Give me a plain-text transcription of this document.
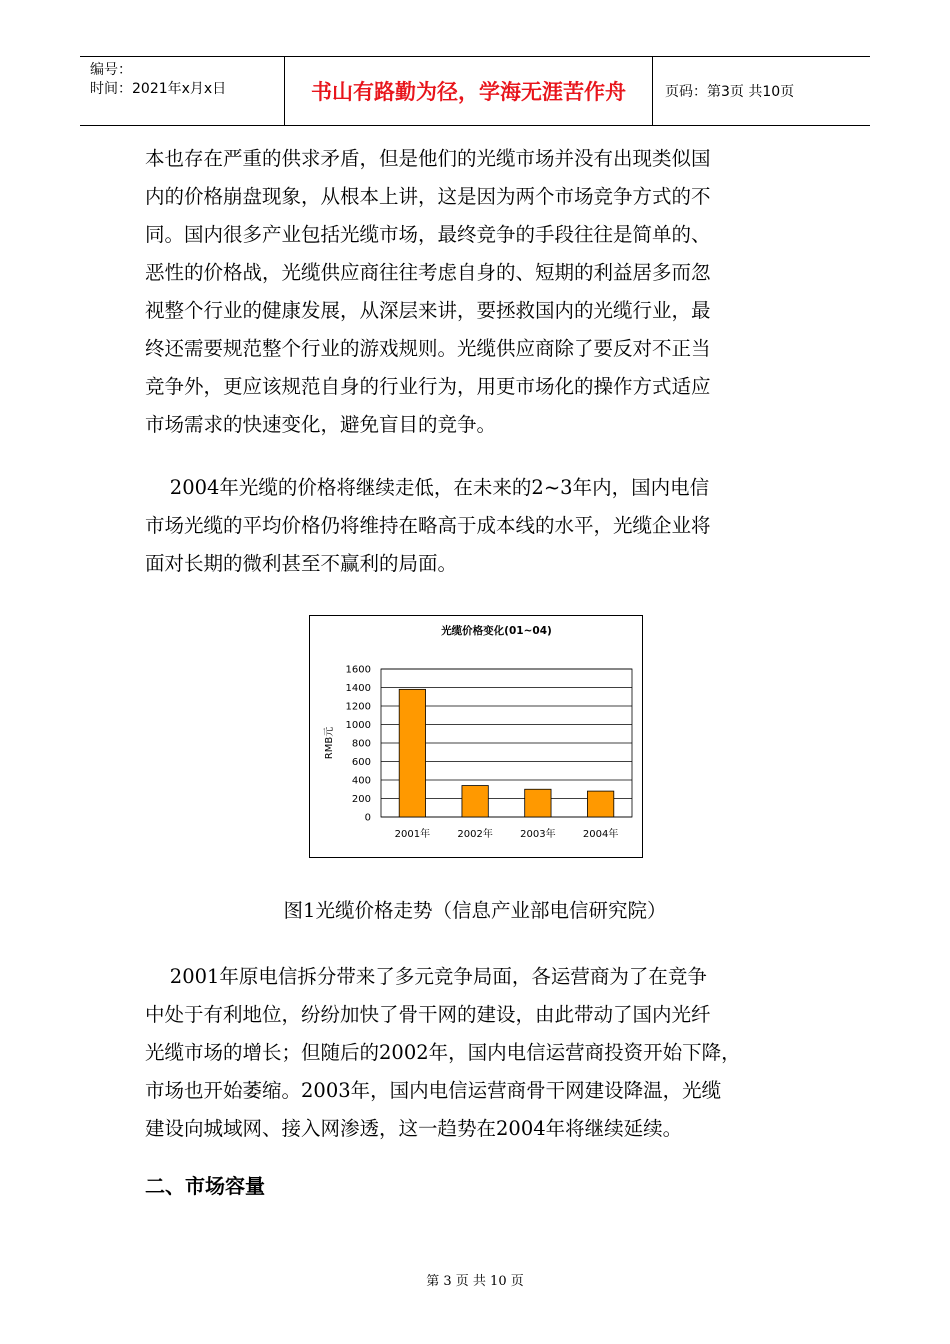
编号：
时间：2021年x月x日	书山有路勤为径，学海无涯苦作舟	页码：第3页 共10页
本也存在严重的供求矛盾，但是他们的光缆市场并没有出现类似国
内的价格崩盘现象，从根本上讲，这是因为两个市场竞争方式的不
同。国内很多产业包括光缆市场，最终竞争的手段往往是简单的、
恶性的价格战，光缆供应商往往考虑自身的、短期的利益居多而忽
视整个行业的健康发展，从深层来讲，要拯救国内的光缆行业，最
终还需要规范整个行业的游戏规则。光缆供应商除了要反对不正当
竞争外，更应该规范自身的行业行为，用更市场化的操作方式适应
市场需求的快速变化，避免盲目的竞争。
2004年光缆的价格将继续走低，在未来的2~3年内，国内电信
市场光缆的平均价格仍将维持在略高于成本线的水平，光缆企业将
面对长期的微利甚至不赢利的局面。
光缆价格变化(01~04)
0
200
400
600
800
1000
1200
1400
1600
RMB元
2001年	2002年	2003年	2004年
图1光缆价格走势（信息产业部电信研究院）
2001年原电信拆分带来了多元竞争局面，各运营商为了在竞争
中处于有利地位，纷纷加快了骨干网的建设，由此带动了国内光纤
光缆市场的增长；但随后的2002年，国内电信运营商投资开始下降，
市场也开始萎缩。2003年，国内电信运营商骨干网建设降温，光缆
建设向城域网、接入网渗透，这一趋势在2004年将继续延续。
二、市场容量
第 3 页 共 10 页
